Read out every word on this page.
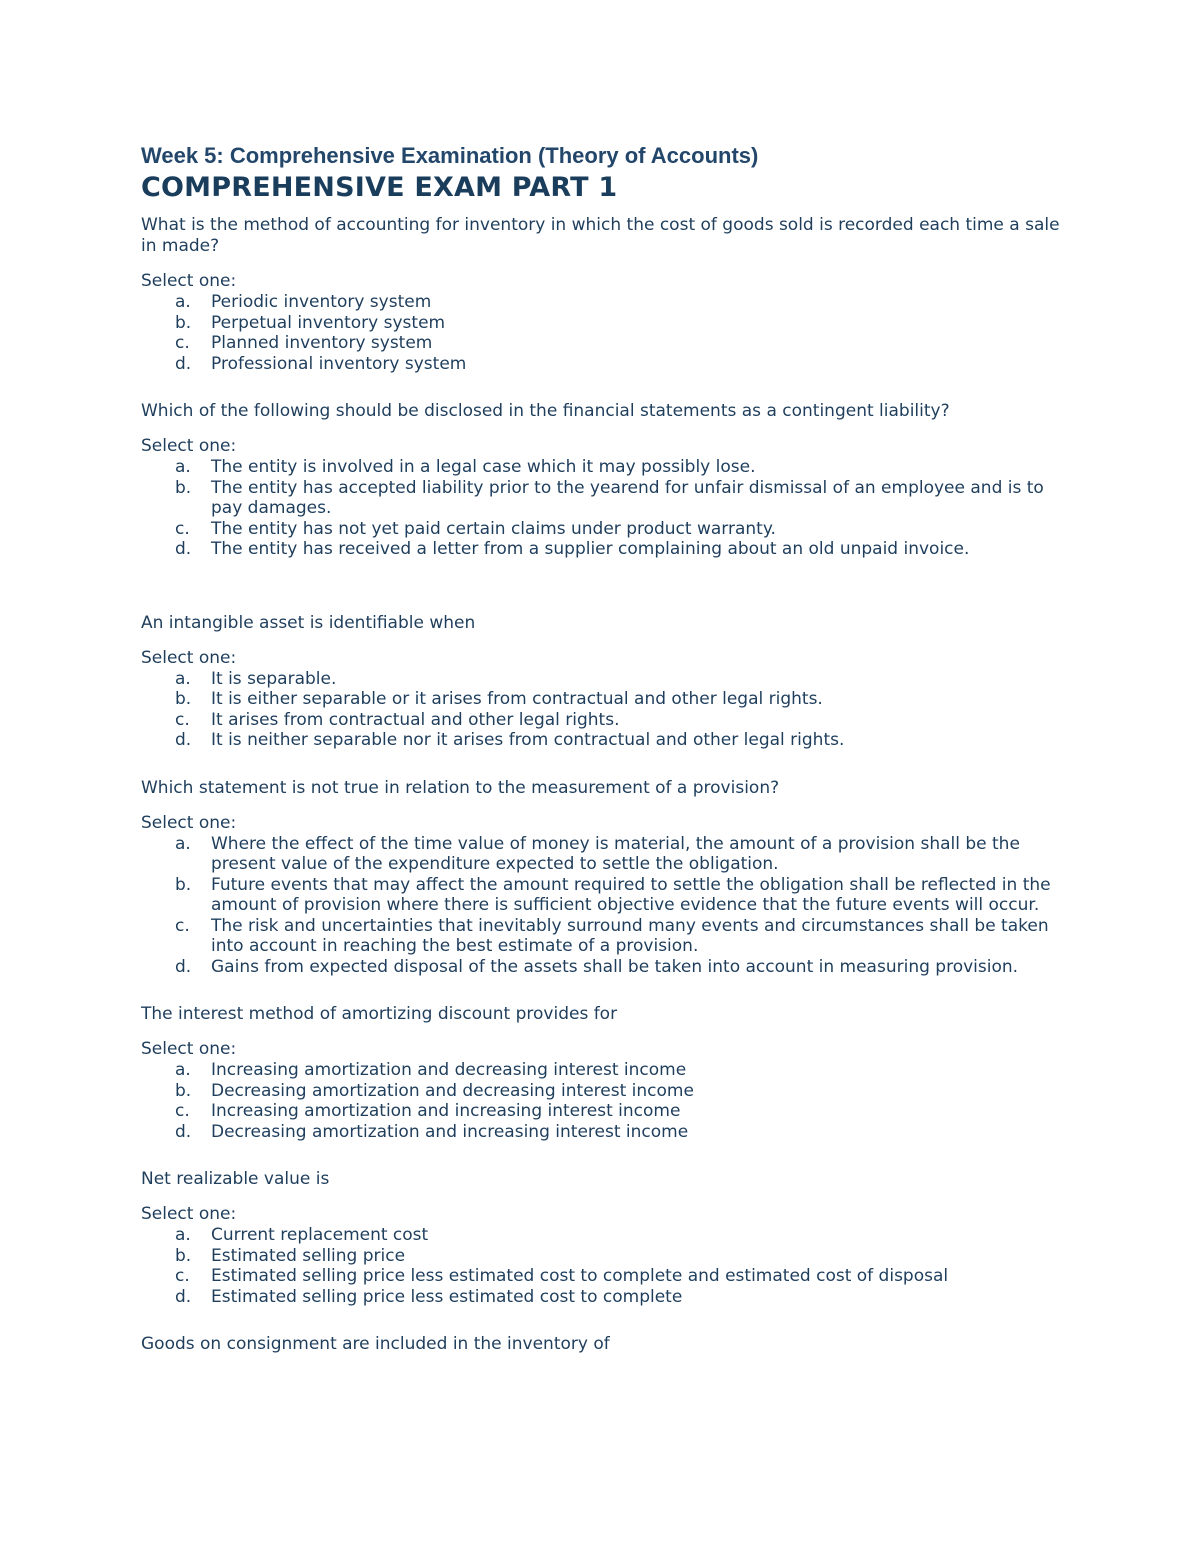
Week 5: Comprehensive Examination (Theory of Accounts)
COMPREHENSIVE EXAM PART 1

What is the method of accounting for inventory in which the cost of goods sold is recorded each time a sale in made?

Select one:

a. Periodic inventory system
b. Perpetual inventory system
c. Planned inventory system
d. Professional inventory system

Which of the following should be disclosed in the financial statements as a contingent liability?

Select one:

a. The entity is involved in a legal case which it may possibly lose.
b. The entity has accepted liability prior to the yearend for unfair dismissal of an employee and is to pay damages.
c. The entity has not yet paid certain claims under product warranty.
d. The entity has received a letter from a supplier complaining about an old unpaid invoice.

An intangible asset is identifiable when

Select one:

a. It is separable.
b. It is either separable or it arises from contractual and other legal rights.
c. It arises from contractual and other legal rights.
d. It is neither separable nor it arises from contractual and other legal rights.

Which statement is not true in relation to the measurement of a provision?

Select one:

a. Where the effect of the time value of money is material, the amount of a provision shall be the present value of the expenditure expected to settle the obligation.
b. Future events that may affect the amount required to settle the obligation shall be reflected in the amount of provision where there is sufficient objective evidence that the future events will occur.
c. The risk and uncertainties that inevitably surround many events and circumstances shall be taken into account in reaching the best estimate of a provision.
d. Gains from expected disposal of the assets shall be taken into account in measuring provision.

The interest method of amortizing discount provides for

Select one:

a. Increasing amortization and decreasing interest income
b. Decreasing amortization and decreasing interest income
c. Increasing amortization and increasing interest income
d. Decreasing amortization and increasing interest income

Net realizable value is

Select one:

a. Current replacement cost
b. Estimated selling price
c. Estimated selling price less estimated cost to complete and estimated cost of disposal
d. Estimated selling price less estimated cost to complete

Goods on consignment are included in the inventory of
